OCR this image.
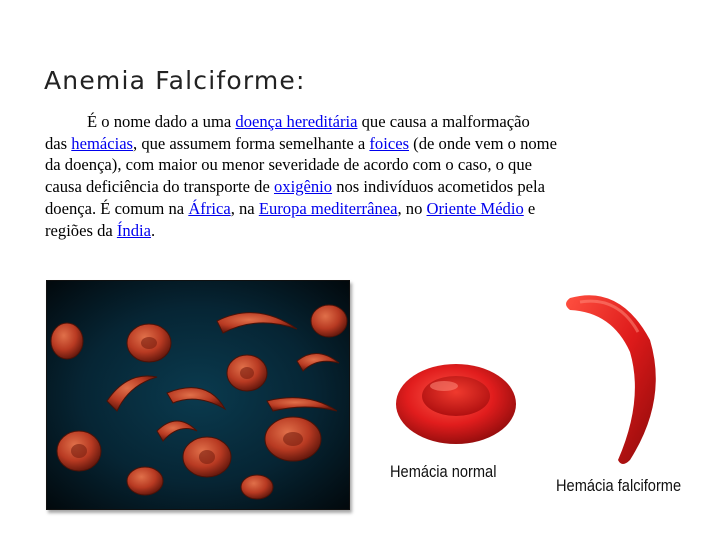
Anemia Falciforme:
É o nome dado a uma doença hereditária que causa a malformação
das hemácias, que assumem forma semelhante a foices (de onde vem o nome
da doença), com maior ou menor severidade de acordo com o caso, o que
causa deficiência do transporte de oxigênio nos indivíduos acometidos pela
doença. É comum na África, na Europa mediterrânea, no Oriente Médio e
regiões da Índia.
Hemácia normal
Hemácia falciforme
